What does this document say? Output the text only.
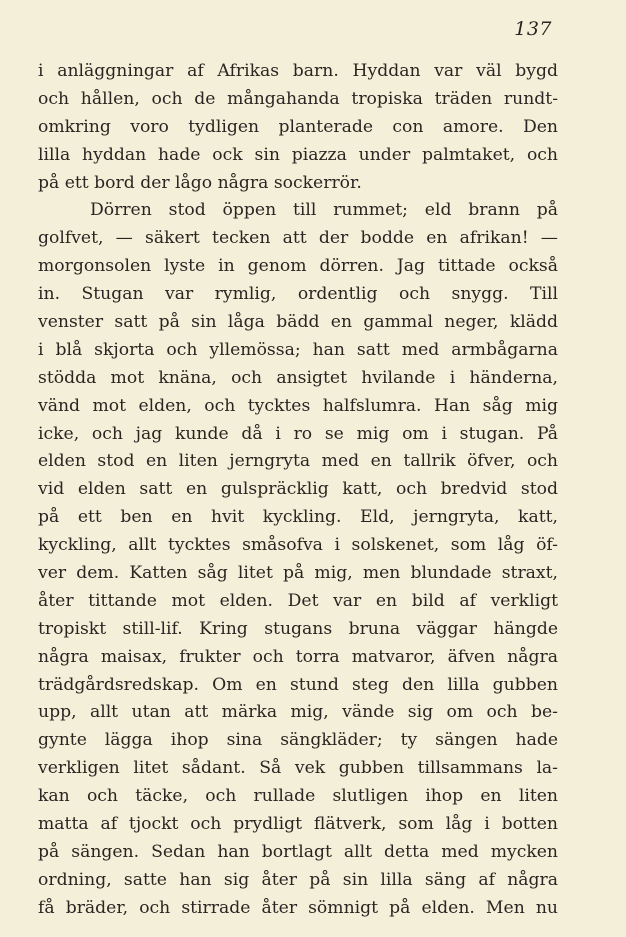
137
i anläggningar af Afrikas barn. Hyddan var väl bygd
och hållen, och de mångahanda tropiska träden rundt-
omkring voro tydligen planterade con amore. Den
lilla hyddan hade ock sin piazza under palmtaket, och
på ett bord der lågo några sockerrör.
Dörren stod öppen till rummet; eld brann på
golfvet, — säkert tecken att der bodde en afrikan! —
morgonsolen lyste in genom dörren. Jag tittade också
in. Stugan var rymlig, ordentlig och snygg. Till
venster satt på sin låga bädd en gammal neger, klädd
i blå skjorta och yllemössa; han satt med armbågarna
stödda mot knäna, och ansigtet hvilande i händerna,
vänd mot elden, och tycktes halfslumra. Han såg mig
icke, och jag kunde då i ro se mig om i stugan. På
elden stod en liten jerngryta med en tallrik öfver, och
vid elden satt en gulspräcklig katt, och bredvid stod
på ett ben en hvit kyckling. Eld, jerngryta, katt,
kyckling, allt tycktes småsofva i solskenet, som låg öf-
ver dem. Katten såg litet på mig, men blundade straxt,
åter tittande mot elden. Det var en bild af verkligt
tropiskt still-lif. Kring stugans bruna väggar hängde
några maisax, frukter och torra matvaror, äfven några
trädgårdsredskap. Om en stund steg den lilla gubben
upp, allt utan att märka mig, vände sig om och be-
gynte lägga ihop sina sängkläder; ty sängen hade
verkligen litet sådant. Så vek gubben tillsammans la-
kan och täcke, och rullade slutligen ihop en liten
matta af tjockt och prydligt flätverk, som låg i botten
på sängen. Sedan han bortlagt allt detta med mycken
ordning, satte han sig åter på sin lilla säng af några
få bräder, och stirrade åter sömnigt på elden. Men nu
